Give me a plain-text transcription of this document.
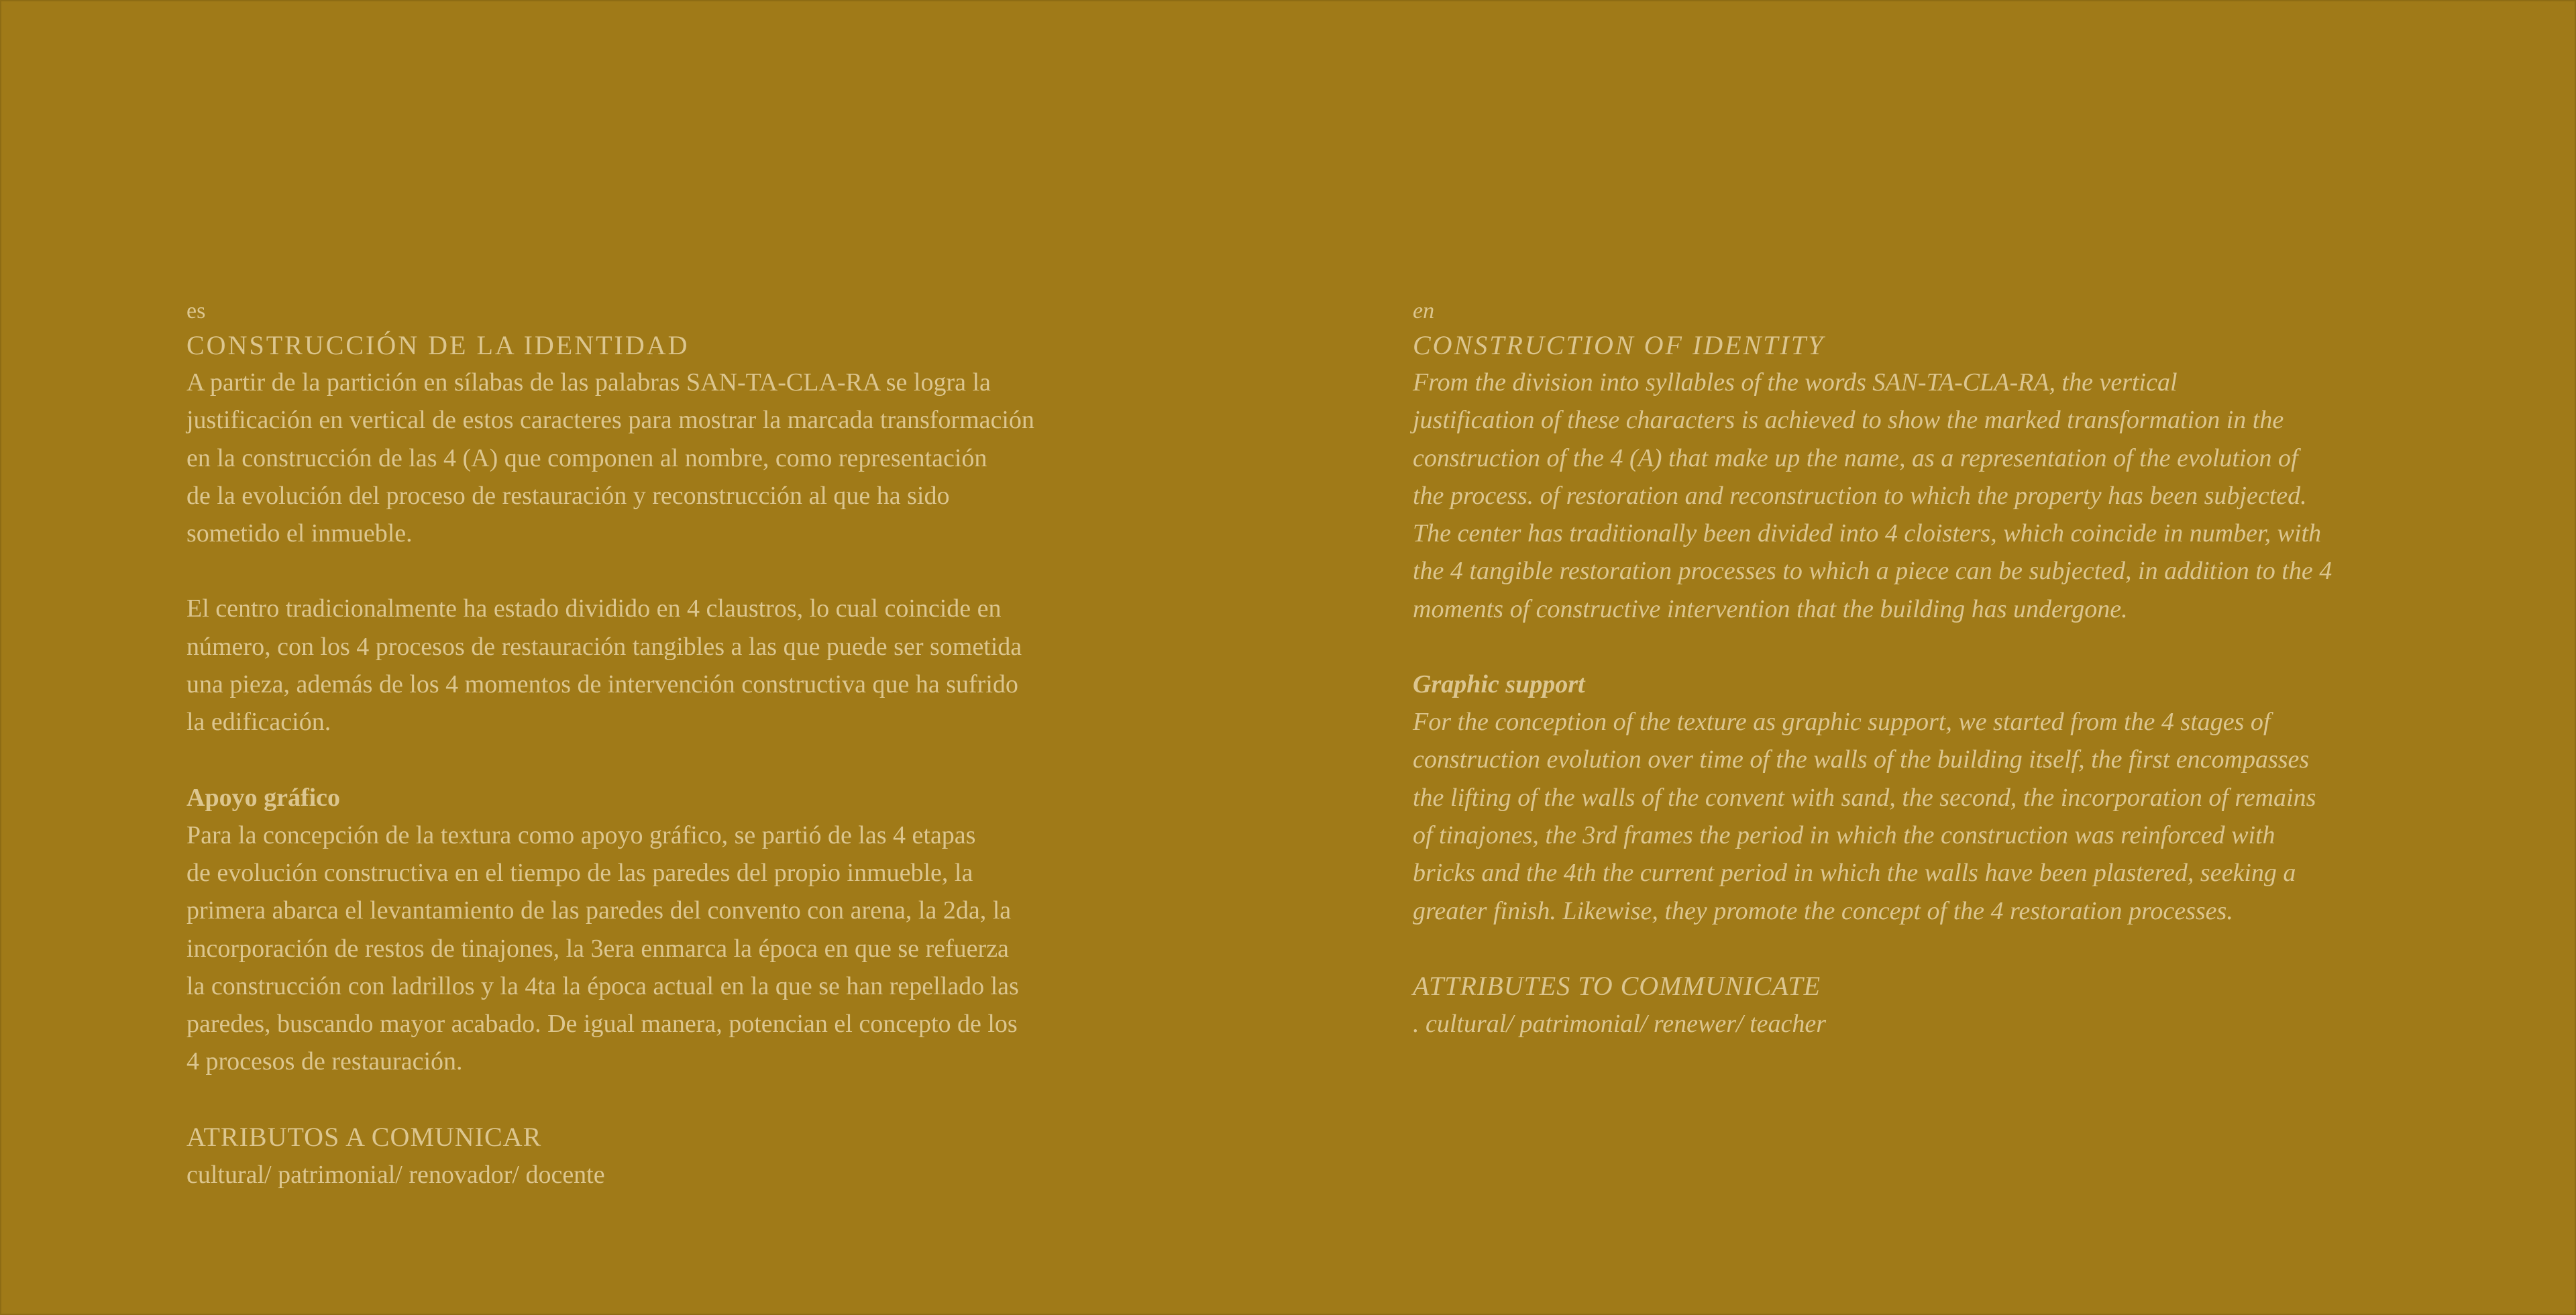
es

CONSTRUCCIÓN DE LA IDENTIDAD

A partir de la partición en sílabas de las palabras SAN-TA-CLA-RA se logra la
justificación en vertical de estos caracteres para mostrar la marcada transformación
en la construcción de las 4 (A) que componen al nombre, como representación
de la evolución del proceso de restauración y reconstrucción al que ha sido
sometido el inmueble.

El centro tradicionalmente ha estado dividido en 4 claustros, lo cual coincide en
número, con los 4 procesos de restauración tangibles a las que puede ser sometida
una pieza, además de los 4 momentos de intervención constructiva que ha sufrido
la edificación.

Apoyo gráfico

Para la concepción de la textura como apoyo gráfico, se partió de las 4 etapas
de evolución constructiva en el tiempo de las paredes del propio inmueble, la
primera abarca el levantamiento de las paredes del convento con arena, la 2da, la
incorporación de restos de tinajones, la 3era enmarca la época en que se refuerza
la construcción con ladrillos y la 4ta la época actual en la que se han repellado las
paredes, buscando mayor acabado. De igual manera, potencian el concepto de los
4 procesos de restauración.

ATRIBUTOS A COMUNICAR

cultural/ patrimonial/ renovador/ docente

en

CONSTRUCTION OF IDENTITY

From the division into syllables of the words SAN-TA-CLA-RA, the vertical
justification of these characters is achieved to show the marked transformation in the
construction of the 4 (A) that make up the name, as a representation of the evolution of
the process. of restoration and reconstruction to which the property has been subjected.
The center has traditionally been divided into 4 cloisters, which coincide in number, with
the 4 tangible restoration processes to which a piece can be subjected, in addition to the 4
moments of constructive intervention that the building has undergone.

Graphic support

For the conception of the texture as graphic support, we started from the 4 stages of
construction evolution over time of the walls of the building itself, the first encompasses
the lifting of the walls of the convent with sand, the second, the incorporation of remains
of tinajones, the 3rd frames the period in which the construction was reinforced with
bricks and the 4th the current period in which the walls have been plastered, seeking a
greater finish. Likewise, they promote the concept of the 4 restoration processes.

ATTRIBUTES TO COMMUNICATE

. cultural/ patrimonial/ renewer/ teacher
